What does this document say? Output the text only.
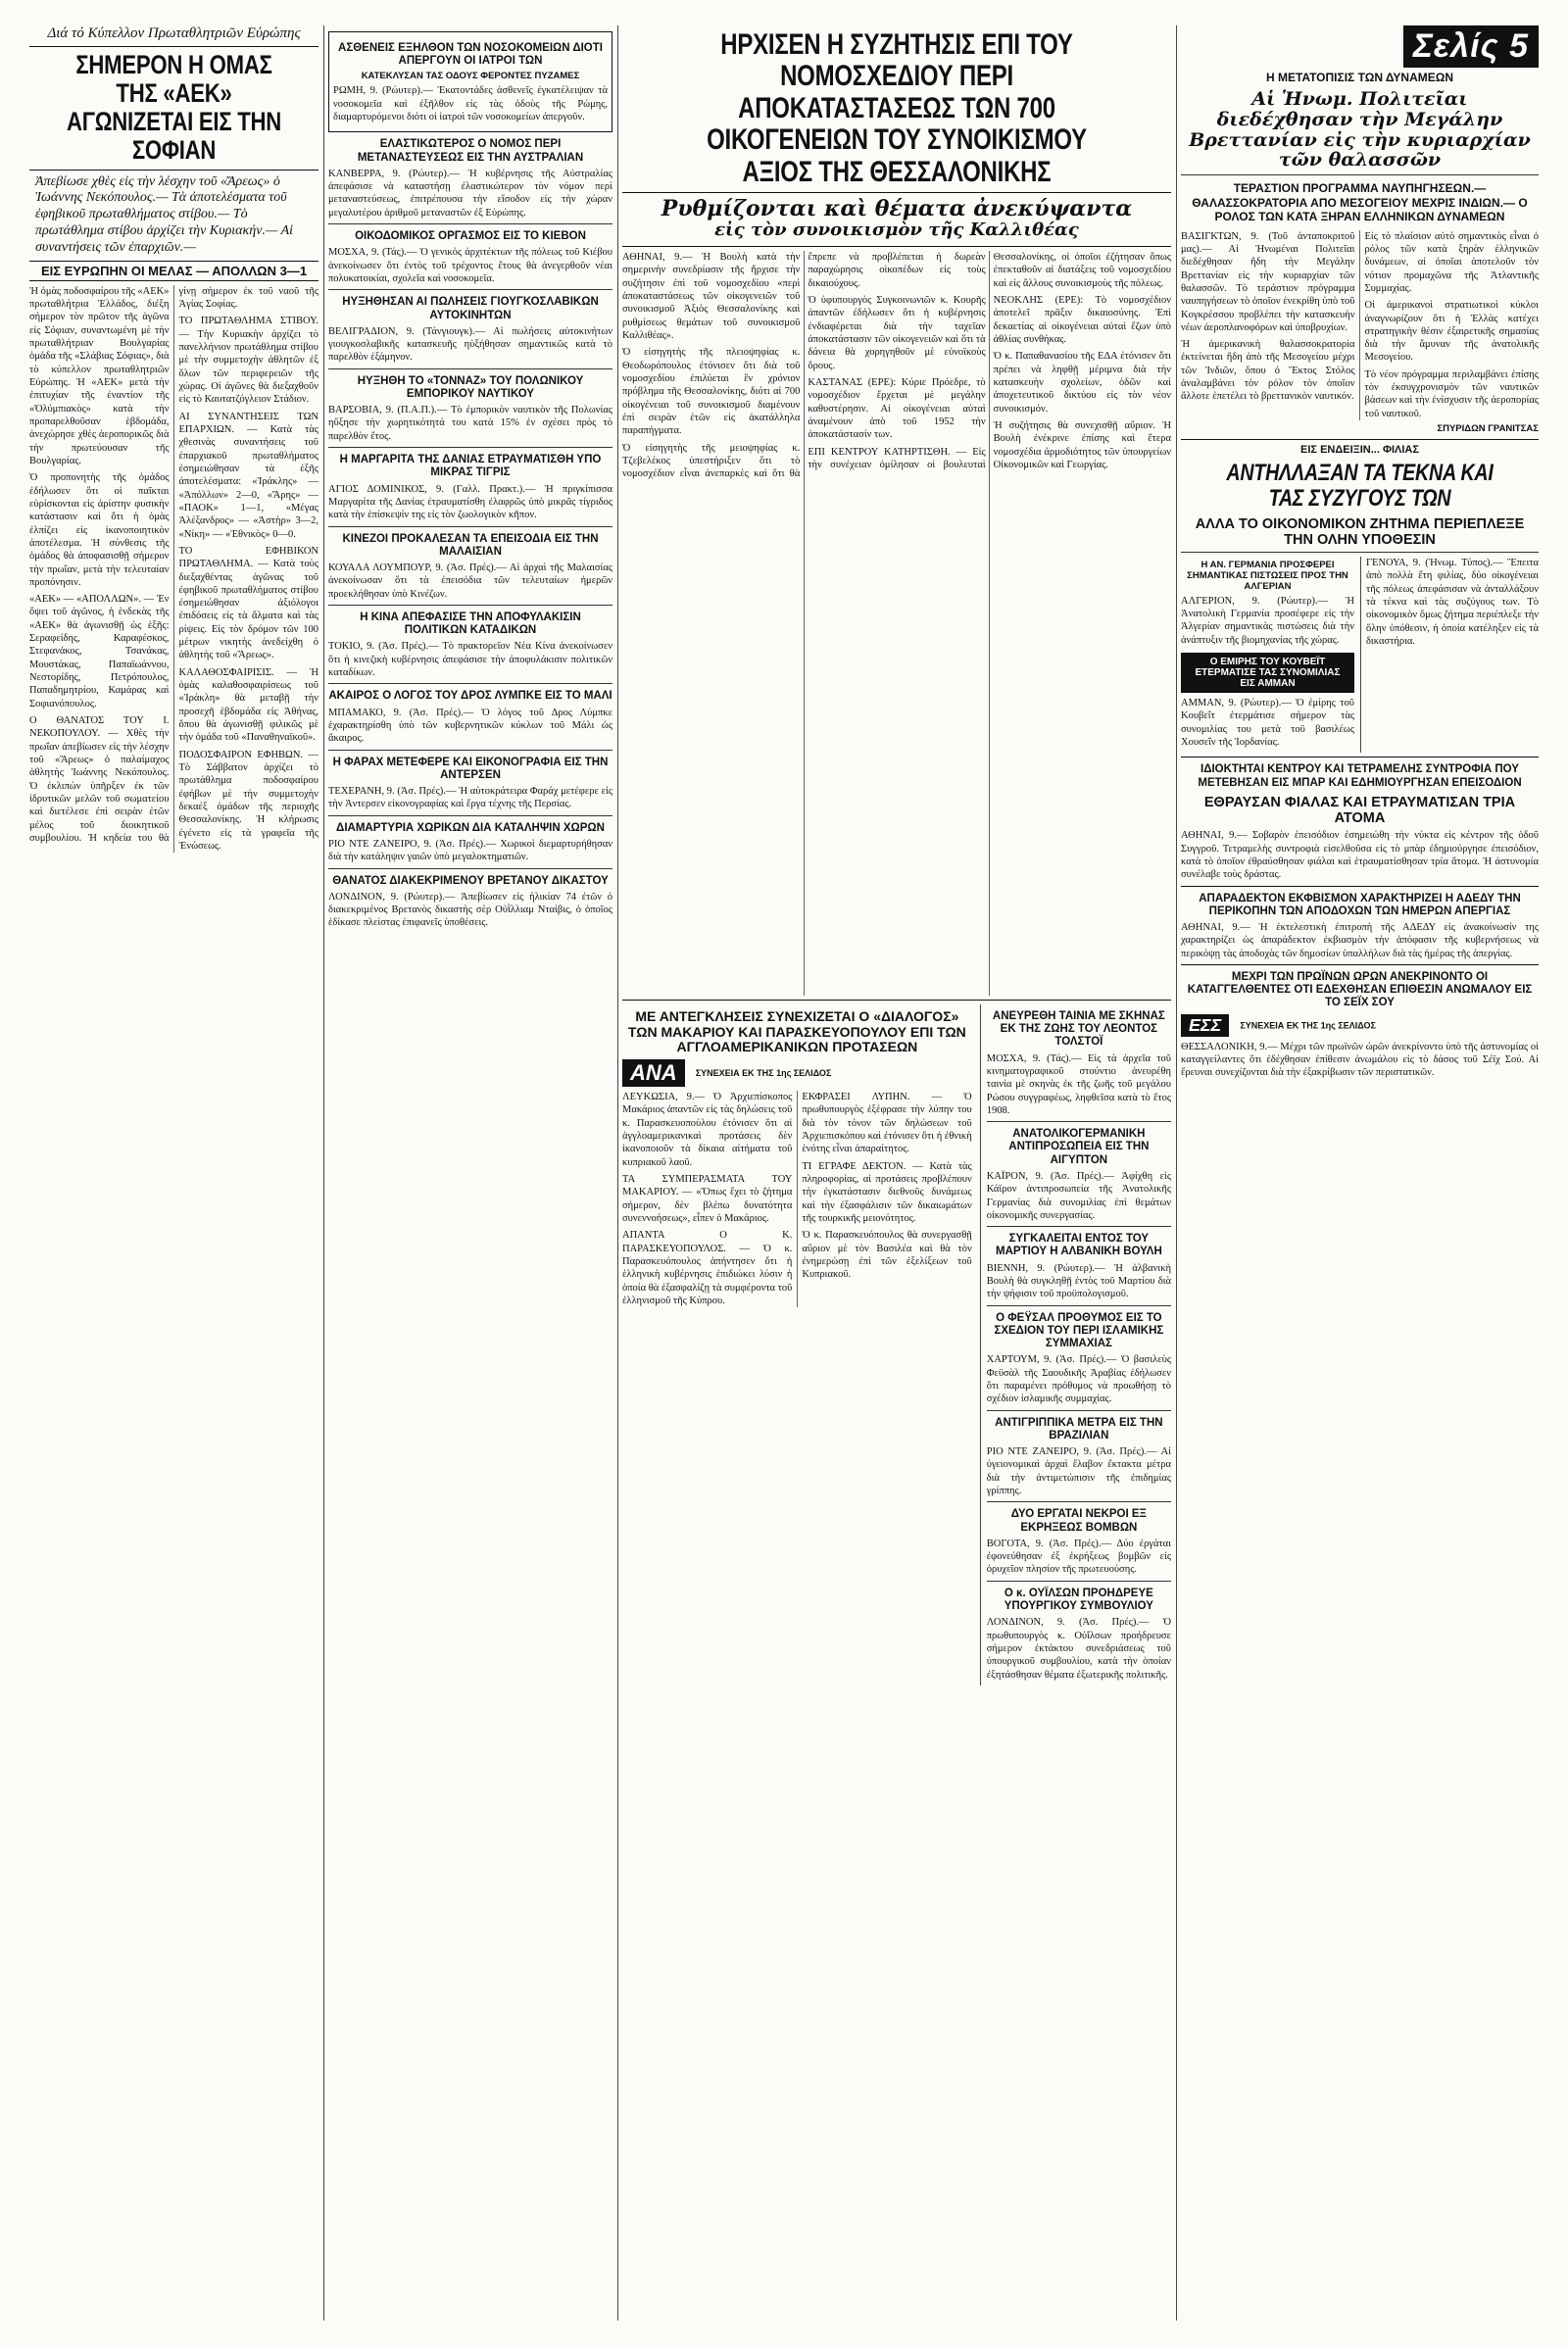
Διά τό Κύπελλον Πρωταθλητριῶν Εὐρώπης
ΣΗΜΕΡΟΝ Η ΟΜΑΣ ΤΗΣ «ΑΕΚ» ΑΓΩΝΙΖΕΤΑΙ ΕΙΣ ΤΗΝ ΣΟΦΙΑΝ
Ἀπεβίωσε χθὲς εἰς τὴν λέσχην τοῦ «Ἄρεως» ὁ Ἰωάννης Νεκόπουλος.— Τὰ ἀποτελέσματα τοῦ ἐφηβικοῦ πρωταθλήματος στίβου.— Τὸ πρωτάθλημα στίβου ἀρχίζει τὴν Κυριακήν.— Αἱ συναντήσεις τῶν ἐπαρχιῶν.—
ΕΙΣ ΕΥΡΩΠΗΝ ΟΙ ΜΕΛΑΣ — ΑΠΟΛΛΩΝ 3—1

Ἡ ὁμὰς ποδοσφαίρου τῆς «ΑΕΚ» πρωταθλήτρια Ἑλλάδος, διέξη σήμερον τὸν πρῶτον τῆς ἀγῶνα εἰς Σόφιαν, συναντωμένη μὲ τὴν πρωταθλήτριαν Βουλγαρίας ὁμάδα τῆς «Σλάβιας Σόφιας», διὰ τὸ κύπελλον πρωταθλητριῶν Εὐρώπης. Ἡ «ΑΕΚ» μετὰ τὴν ἐπιτυχίαν τῆς ἐναντίον τῆς «Ὀλύμπιακὸς» κατὰ τὴν προπαρελθοῦσαν ἑβδομάδα, ἀνεχώρησε χθὲς ἀεροπορικῶς διὰ τὴν πρωτεύουσαν τῆς Βουλγαρίας.

Ὁ προπονητὴς τῆς ὁμάδος ἐδήλωσεν ὅτι οἱ παῖκται εὑρίσκονται εἰς ἀρίστην φυσικὴν κατάστασιν καὶ ὅτι ἡ ὁμὰς ἐλπίζει εἰς ἱκανοποιητικὸν ἀποτέλεσμα. Ἡ σύνθεσις τῆς ὁμάδος θὰ ἀποφασισθῇ σήμερον τὴν πρωΐαν, μετὰ τὴν τελευταίαν προπόνησιν.

«ΑΕΚ» — «ΑΠΟΛΛΩΝ». — Ἐν ὄψει τοῦ ἀγῶνος, ἡ ἑνδεκὰς τῆς «ΑΕΚ» θὰ ἀγωνισθῇ ὡς ἑξῆς: Σεραφείδης, Καραφέσκος, Στεφανάκος, Τσανάκας, Μουστάκας, Παπαϊωάννου, Νεστορίδης, Πετρόπουλος, Παπαδημητρίου, Καμάρας καὶ Σοφιανόπουλος.

Ο ΘΑΝΑΤΟΣ ΤΟΥ Ι. ΝΕΚΟΠΟΥΛΟΥ. — Χθὲς τὴν πρωΐαν ἀπεβίωσεν εἰς τὴν λέσχην τοῦ «Ἄρεως» ὁ παλαίμαχος ἀθλητὴς Ἰωάννης Νεκόπουλος. Ὁ ἐκλιπὼν ὑπῆρξεν ἐκ τῶν ἱδρυτικῶν μελῶν τοῦ σωματείου καὶ διετέλεσε ἐπὶ σειρὰν ἐτῶν μέλος τοῦ διοικητικοῦ συμβουλίου. Ἡ κηδεία του θὰ γίνῃ σήμερον ἐκ τοῦ ναοῦ τῆς Ἁγίας Σοφίας.

ΤΟ ΠΡΩΤΑΘΛΗΜΑ ΣΤΙΒΟΥ. — Τὴν Κυριακὴν ἀρχίζει τὸ πανελλήνιον πρωτάθλημα στίβου μὲ τὴν συμμετοχὴν ἀθλητῶν ἐξ ὅλων τῶν περιφερειῶν τῆς χώρας. Οἱ ἀγῶνες θὰ διεξαχθοῦν εἰς τὸ Καυτατζόγλειον Στάδιον.

ΑΙ ΣΥΝΑΝΤΗΣΕΙΣ ΤΩΝ ΕΠΑΡΧΙΩΝ. — Κατὰ τὰς χθεσινὰς συναντήσεις τοῦ ἐπαρχιακοῦ πρωταθλήματος ἐσημειώθησαν τὰ ἑξῆς ἀποτελέσματα: «Ἰράκλης» — «Ἀπόλλων» 2—0, «Ἄρης» — «ΠΑΟΚ» 1—1, «Μέγας Ἀλέξανδρος» — «Ἀστὴρ» 3—2, «Νίκη» — «Ἐθνικὸς» 0—0.

ΤΟ ΕΦΗΒΙΚΟΝ ΠΡΩΤΑΘΛΗΜΑ. — Κατὰ τοὺς διεξαχθέντας ἀγῶνας τοῦ ἐφηβικοῦ πρωταθλήματος στίβου ἐσημειώθησαν ἀξιόλογοι ἐπιδόσεις εἰς τὰ ἅλματα καὶ τὰς ρίψεις. Εἰς τὸν δρόμον τῶν 100 μέτρων νικητὴς ἀνεδείχθη ὁ ἀθλητὴς τοῦ «Ἄρεως».

ΚΑΛΑΘΟΣΦΑΙΡΙΣΙΣ. — Ἡ ὁμὰς καλαθοσφαιρίσεως τοῦ «Ἰράκλη» θὰ μεταβῇ τὴν προσεχῆ ἑβδομάδα εἰς Ἀθήνας, ὅπου θὰ ἀγωνισθῇ φιλικῶς μὲ τὴν ὁμάδα τοῦ «Παναθηναϊκοῦ».

ΠΟΔΟΣΦΑΙΡΟΝ ΕΦΗΒΩΝ. — Τὸ Σάββατον ἀρχίζει τὸ πρωτάθλημα ποδοσφαίρου ἐφήβων μὲ τὴν συμμετοχὴν δεκαέξ ὁμάδων τῆς περιοχῆς Θεσσαλονίκης. Ἡ κλήρωσις ἐγένετο εἰς τὰ γραφεῖα τῆς Ἑνώσεως.

ΑΣΘΕΝΕΙΣ ΕΞΗΛΘΟΝ ΤΩΝ ΝΟΣΟΚΟΜΕΙΩΝ ΔΙΟΤΙ ΑΠΕΡΓΟΥΝ ΟΙ ΙΑΤΡΟΙ ΤΩΝ
ΚΑΤΕΚΛΥΣΑΝ ΤΑΣ ΟΔΟΥΣ ΦΕΡΟΝΤΕΣ ΠΥΖΑΜΕΣ

ΡΩΜΗ, 9. (Ρώυτερ).— Ἐκατοντάδες ἀσθενεῖς ἐγκατέλειψαν τὰ νοσοκομεῖα καὶ ἐξῆλθον εἰς τὰς ὁδοὺς τῆς Ρώμης, διαμαρτυρόμενοι διότι οἱ ἰατροὶ τῶν νοσοκομείων ἀπεργοῦν.

ΕΛΑΣΤΙΚΩΤΕΡΟΣ Ο ΝΟΜΟΣ ΠΕΡΙ ΜΕΤΑΝΑΣΤΕΥΣΕΩΣ ΕΙΣ ΤΗΝ ΑΥΣΤΡΑΛΙΑΝ

ΚΑΝΒΕΡΡΑ, 9. (Ρώυτερ).— Ἡ κυβέρνησις τῆς Αὐστραλίας ἀπεφάσισε νὰ καταστήσῃ ἐλαστικώτερον τὸν νόμον περὶ μεταναστεύσεως, ἐπιτρέπουσα τὴν εἴσοδον εἰς τὴν χώραν μεγαλυτέρου ἀριθμοῦ μεταναστῶν ἐξ Εὐρώπης.

ΟΙΚΟΔΟΜΙΚΟΣ ΟΡΓΑΣΜΟΣ ΕΙΣ ΤΟ ΚΙΕΒΟΝ

ΜΟΣΧΑ, 9. (Τάς).— Ὁ γενικὸς ἀρχιτέκτων τῆς πόλεως τοῦ Κιέβου ἀνεκοίνωσεν ὅτι ἐντὸς τοῦ τρέχοντος ἔτους θὰ ἀνεγερθοῦν νέαι πολυκατοικίαι, σχολεῖα καὶ νοσοκομεῖα.

ΗΥΞΗΘΗΣΑΝ ΑΙ ΠΩΛΗΣΕΙΣ ΓΙΟΥΓΚΟΣΛΑΒΙΚΩΝ ΑΥΤΟΚΙΝΗΤΩΝ

ΒΕΛΙΓΡΑΔΙΟΝ, 9. (Τάνγιουγκ).— Αἱ πωλήσεις αὐτοκινήτων γιουγκοσλαβικῆς κατασκευῆς ηὐξήθησαν σημαντικῶς κατὰ τὸ παρελθὸν ἑξάμηνον.

ΗΥΞΗΘΗ ΤΟ «ΤΟΝΝΑΖ» ΤΟΥ ΠΟΛΩΝΙΚΟΥ ΕΜΠΟΡΙΚΟΥ ΝΑΥΤΙΚΟΥ

ΒΑΡΣΟΒΙΑ, 9. (Π.Α.Π.).— Τὸ ἐμπορικὸν ναυτικὸν τῆς Πολωνίας ηὔξησε τὴν χωρητικότητά του κατὰ 15% ἐν σχέσει πρὸς τὸ παρελθὸν ἔτος.

Η ΜΑΡΓΑΡΙΤΑ ΤΗΣ ΔΑΝΙΑΣ ΕΤΡΑΥΜΑΤΙΣΘΗ ΥΠΟ ΜΙΚΡΑΣ ΤΙΓΡΙΣ

ΑΓΙΟΣ ΔΟΜΙΝΙΚΟΣ, 9. (Γαλλ. Πρακτ.).— Ἡ πριγκίπισσα Μαργαρίτα τῆς Δανίας ἐτραυματίσθη ἐλαφρῶς ὑπὸ μικρᾶς τίγριδος κατὰ τὴν ἐπίσκεψίν της εἰς τὸν ζωολογικὸν κῆπον.

ΚΙΝΕΖΟΙ ΠΡΟΚΑΛΕΣΑΝ ΤΑ ΕΠΕΙΣΟΔΙΑ ΕΙΣ ΤΗΝ ΜΑΛΑΙΣΙΑΝ

ΚΟΥΑΛΑ ΛΟΥΜΠΟΥΡ, 9. (Ἀσ. Πρές).— Αἱ ἀρχαὶ τῆς Μαλαισίας ἀνεκοίνωσαν ὅτι τὰ ἐπεισόδια τῶν τελευταίων ἡμερῶν προεκλήθησαν ὑπὸ Κινέζων.

Η ΚΙΝΑ ΑΠΕΦΑΣΙΣΕ ΤΗΝ ΑΠΟΦΥΛΑΚΙΣΙΝ ΠΟΛΙΤΙΚΩΝ ΚΑΤΑΔΙΚΩΝ

ΤΟΚΙΟ, 9. (Ἀσ. Πρές).— Τὸ πρακτορεῖον Νέα Κίνα ἀνεκοίνωσεν ὅτι ἡ κινεζικὴ κυβέρνησις ἀπεφάσισε τὴν ἀποφυλάκισιν πολιτικῶν καταδίκων.

ΑΚΑΙΡΟΣ Ο ΛΟΓΟΣ ΤΟΥ ΔΡΟΣ ΛΥΜΠΚΕ ΕΙΣ ΤΟ ΜΑΛΙ

ΜΠΑΜΑΚΟ, 9. (Ἀσ. Πρές).— Ὁ λόγος τοῦ Δρος Λύμπκε ἐχαρακτηρίσθη ὑπὸ τῶν κυβερνητικῶν κύκλων τοῦ Μάλι ὡς ἄκαιρος.

Η ΦΑΡΑΧ ΜΕΤΕΦΕΡΕ ΚΑΙ ΕΙΚΟΝΟΓΡΑΦΙΑ ΕΙΣ ΤΗΝ ΑΝΤΕΡΣΕΝ

ΤΕΧΕΡΑΝΗ, 9. (Ἀσ. Πρές).— Ἡ αὐτοκράτειρα Φαράχ μετέφερε εἰς τὴν Ἀντερσεν εἰκονογραφίας καὶ ἔργα τέχνης τῆς Περσίας.

ΔΙΑΜΑΡΤΥΡΙΑ ΧΩΡΙΚΩΝ ΔΙΑ ΚΑΤΑΛΗΨΙΝ ΧΩΡΩΝ

ΡΙΟ ΝΤΕ ΖΑΝΕΙΡΟ, 9. (Ἀσ. Πρές).— Χωρικοὶ διεμαρτυρήθησαν διὰ τὴν κατάληψιν γαιῶν ὑπὸ μεγαλοκτηματιῶν.

ΘΑΝΑΤΟΣ ΔΙΑΚΕΚΡΙΜΕΝΟΥ ΒΡΕΤΑΝΟΥ ΔΙΚΑΣΤΟΥ

ΛΟΝΔΙΝΟΝ, 9. (Ρώυτερ).— Ἀπεβίωσεν εἰς ἡλικίαν 74 ἐτῶν ὁ διακεκριμένος Βρετανὸς δικαστὴς σὲρ Οὐῒλλιαμ Νταίβις, ὁ ὁποῖος ἐδίκασε πλείστας ἐπιφανεῖς ὑποθέσεις.

ΗΡΧΙΣΕΝ Η ΣΥΖΗΤΗΣΙΣ ΕΠΙ ΤΟΥ ΝΟΜΟΣΧΕΔΙΟΥ ΠΕΡΙ ΑΠΟΚΑΤΑΣΤΑΣΕΩΣ ΤΩΝ 700 ΟΙΚΟΓΕΝΕΙΩΝ ΤΟΥ ΣΥΝΟΙΚΙΣΜΟΥ ΑΞΙΟΣ ΤΗΣ ΘΕΣΣΑΛΟΝΙΚΗΣ
Ρυθμίζονται καὶ θέματα ἀνεκύψαντα
εἰς τὸν συνοικισμὸν τῆς Καλλιθέας

ΑΘΗΝΑΙ, 9.— Ἡ Βουλὴ κατὰ τὴν σημερινήν συνεδρίασιν τῆς ἤρχισε τὴν συζήτησιν ἐπὶ τοῦ νομοσχεδίου «περὶ ἀποκαταστάσεως τῶν οἰκογενειῶν τοῦ συνοικισμοῦ Ἀξιὸς Θεσσαλονίκης καὶ ρυθμίσεως θεμάτων τοῦ συνοικισμοῦ Καλλιθέας».

Ὁ εἰσηγητὴς τῆς πλειοψηφίας κ. Θεοδωρόπουλος ἐτόνισεν ὅτι διὰ τοῦ νομοσχεδίου ἐπιλύεται ἓν χρόνιον πρόβλημα τῆς Θεσσαλονίκης, διότι αἱ 700 οἰκογένειαι τοῦ συνοικισμοῦ διαμένουν ἐπὶ σειρὰν ἐτῶν εἰς ἀκατάλληλα παραπήγματα.

Ὁ εἰσηγητὴς τῆς μειοψηφίας κ. Τζεβελέκος ὑπεστήριξεν ὅτι τὸ νομοσχέδιον εἶναι ἀνεπαρκὲς καὶ ὅτι θὰ ἔπρεπε νὰ προβλέπεται ἡ δωρεὰν παραχώρησις οἰκοπέδων εἰς τοὺς δικαιούχους.

Ὁ ὑφυπουργὸς Συγκοινωνιῶν κ. Κουρῆς ἀπαντῶν ἐδήλωσεν ὅτι ἡ κυβέρνησις ἐνδιαφέρεται διὰ τὴν ταχεῖαν ἀποκατάστασιν τῶν οἰκογενειῶν καὶ ὅτι τὰ δάνεια θὰ χορηγηθοῦν μὲ εὐνοϊκοὺς ὅρους.

ΚΑΣΤΑΝΑΣ (ΕΡΕ): Κύριε Πρόεδρε, τὸ νομοσχέδιον ἔρχεται μὲ μεγάλην καθυστέρησιν. Αἱ οἰκογένειαι αὐταὶ ἀναμένουν ἀπὸ τοῦ 1952 τὴν ἀποκατάστασίν των.

ΕΠΙ ΚΕΝΤΡΟΥ ΚΑΤΗΡΤΙΣΘΗ. — Εἰς τὴν συνέχειαν ὁμίλησαν οἱ βουλευταὶ Θεσσαλονίκης, οἱ ὁποῖοι ἐζήτησαν ὅπως ἐπεκταθοῦν αἱ διατάξεις τοῦ νομοσχεδίου καὶ εἰς ἄλλους συνοικισμοὺς τῆς πόλεως.

ΝΕΟΚΛΗΣ (ΕΡΕ): Τὸ νομοσχέδιον ἀποτελεῖ πρᾶξιν δικαιοσύνης. Ἐπὶ δεκαετίας αἱ οἰκογένειαι αὐταὶ ἔζων ὑπὸ ἀθλίας συνθήκας.

Ὁ κ. Παπαθανασίου τῆς ΕΔΑ ἐτόνισεν ὅτι πρέπει νὰ ληφθῇ μέριμνα διὰ τὴν κατασκευὴν σχολείων, ὁδῶν καὶ ἀποχετευτικοῦ δικτύου εἰς τὸν νέον συνοικισμόν.

Ἡ συζήτησις θὰ συνεχισθῇ αὔριον. Ἡ Βουλὴ ἐνέκρινε ἐπίσης καὶ ἕτερα νομοσχέδια ἀρμοδιότητος τῶν ὑπουργείων Οἰκονομικῶν καὶ Γεωργίας.

ΜΕ ΑΝΤΕΓΚΛΗΣΕΙΣ ΣΥΝΕΧΙΖΕΤΑΙ Ο «ΔΙΑΛΟΓΟΣ» ΤΩΝ ΜΑΚΑΡΙΟΥ ΚΑΙ ΠΑΡΑΣΚΕΥΟΠΟΥΛΟΥ ΕΠΙ ΤΩΝ ΑΓΓΛΟΑΜΕΡΙΚΑΝΙΚΩΝ ΠΡΟΤΑΣΕΩΝ
ΑΝΑ ΣΥΝΕΧΕΙΑ ΕΚ ΤΗΣ 1ης ΣΕΛΙΔΟΣ

ΛΕΥΚΩΣΙΑ, 9.— Ὁ Ἀρχιεπίσκοπος Μακάριος ἀπαντῶν εἰς τὰς δηλώσεις τοῦ κ. Παρασκευοπούλου ἐτόνισεν ὅτι αἱ ἀγγλοαμερικανικαὶ προτάσεις δὲν ἱκανοποιοῦν τὰ δίκαια αἰτήματα τοῦ κυπριακοῦ λαοῦ.

ΤΑ ΣΥΜΠΕΡΑΣΜΑΤΑ ΤΟΥ ΜΑΚΑΡΙΟΥ. — «Ὅπως ἔχει τὸ ζήτημα σήμερον, δὲν βλέπω δυνατότητα συνεννοήσεως», εἶπεν ὁ Μακάριος.

ΑΠΑΝΤΑ Ο Κ. ΠΑΡΑΣΚΕΥΟΠΟΥΛΟΣ. — Ὁ κ. Παρασκευόπουλος ἀπήντησεν ὅτι ἡ ἑλληνικὴ κυβέρνησις ἐπιδιώκει λύσιν ἡ ὁποία θὰ ἐξασφαλίζῃ τὰ συμφέροντα τοῦ ἑλληνισμοῦ τῆς Κύπρου.

ΕΚΦΡΑΣΕΙ ΛΥΠΗΝ. — Ὁ πρωθυπουργὸς ἐξέφρασε τὴν λύπην του διὰ τὸν τόνον τῶν δηλώσεων τοῦ Ἀρχιεπισκόπου καὶ ἐτόνισεν ὅτι ἡ ἐθνικὴ ἑνότης εἶναι ἀπαραίτητος.

ΤΙ ΕΓΡΑΦΕ ΔΕΚΤΟΝ. — Κατὰ τὰς πληροφορίας, αἱ προτάσεις προβλέπουν τὴν ἐγκατάστασιν διεθνοῦς δυνάμεως καὶ τὴν ἐξασφάλισιν τῶν δικαιωμάτων τῆς τουρκικῆς μειονότητος.

Ὁ κ. Παρασκευόπουλος θὰ συνεργασθῇ αὔριον μὲ τὸν Βασιλέα καὶ θὰ τὸν ἐνημερώσῃ ἐπὶ τῶν ἐξελίξεων τοῦ Κυπριακοῦ.

ΑΝΕΥΡΕΘΗ ΤΑΙΝΙΑ ΜΕ ΣΚΗΝΑΣ ΕΚ ΤΗΣ ΖΩΗΣ ΤΟΥ ΛΕΟΝΤΟΣ ΤΟΛΣΤΟΪ

ΜΟΣΧΑ, 9. (Τάς).— Εἰς τὰ ἀρχεῖα τοῦ κινηματογραφικοῦ στούντιο ἀνευρέθη ταινία μὲ σκηνὰς ἐκ τῆς ζωῆς τοῦ μεγάλου Ρώσου συγγραφέως, ληφθεῖσα κατὰ τὸ ἔτος 1908.

ΑΝΑΤΟΛΙΚΟΓΕΡΜΑΝΙΚΗ ΑΝΤΙΠΡΟΣΩΠΕΙΑ ΕΙΣ ΤΗΝ ΑΙΓΥΠΤΟΝ

ΚΑΪΡΟΝ, 9. (Ἀσ. Πρές).— Ἀφίχθη εἰς Κάϊρον ἀντιπροσωπεία τῆς Ἀνατολικῆς Γερμανίας διὰ συνομιλίας ἐπὶ θεμάτων οἰκονομικῆς συνεργασίας.

ΣΥΓΚΑΛΕΙΤΑΙ ΕΝΤΟΣ ΤΟΥ ΜΑΡΤΙΟΥ Η ΑΛΒΑΝΙΚΗ ΒΟΥΛΗ

ΒΙΕΝΝΗ, 9. (Ρώυτερ).— Ἡ ἀλβανικὴ Βουλὴ θὰ συγκληθῇ ἐντὸς τοῦ Μαρτίου διὰ τὴν ψήφισιν τοῦ προϋπολογισμοῦ.

Ο ΦΕΫΣΑΛ ΠΡΟΘΥΜΟΣ ΕΙΣ ΤΟ ΣΧΕΔΙΟΝ ΤΟΥ ΠΕΡΙ ΙΣΛΑΜΙΚΗΣ ΣΥΜΜΑΧΙΑΣ

ΧΑΡΤΟΥΜ, 9. (Ἀσ. Πρές).— Ὁ βασιλεὺς Φεϋσὰλ τῆς Σαουδικῆς Ἀραβίας ἐδήλωσεν ὅτι παραμένει πρόθυμος νὰ προωθήσῃ τὸ σχέδιον ἰσλαμικῆς συμμαχίας.

ΑΝΤΙΓΡΙΠΠΙΚΑ ΜΕΤΡΑ ΕΙΣ ΤΗΝ ΒΡΑΖΙΛΙΑΝ

ΡΙΟ ΝΤΕ ΖΑΝΕΙΡΟ, 9. (Ἀσ. Πρές).— Αἱ ὑγειονομικαὶ ἀρχαὶ ἔλαβον ἔκτακτα μέτρα διὰ τὴν ἀντιμετώπισιν τῆς ἐπιδημίας γρίππης.

ΔΥΟ ΕΡΓΑΤΑΙ ΝΕΚΡΟΙ ΕΞ ΕΚΡΗΞΕΩΣ ΒΟΜΒΩΝ

ΒΟΓΟΤΑ, 9. (Ἀσ. Πρές).— Δύο ἐργάται ἐφονεύθησαν ἐξ ἐκρήξεως βομβῶν εἰς ὀρυχεῖον πλησίον τῆς πρωτευούσης.

Ο κ. ΟΥΪΛΣΩΝ ΠΡΟΗΔΡΕΥΕ ΥΠΟΥΡΓΙΚΟΥ ΣΥΜΒΟΥΛΙΟΥ

ΛΟΝΔΙΝΟΝ, 9. (Ἀσ. Πρές).— Ὁ πρωθυπουργὸς κ. Οὐΐλσων προήδρευσε σήμερον ἐκτάκτου συνεδριάσεως τοῦ ὑπουργικοῦ συμβουλίου, κατὰ τὴν ὁποίαν ἐξητάσθησαν θέματα ἐξωτερικῆς πολιτικῆς.

Σελίς 5
Η ΜΕΤΑΤΟΠΙΣΙΣ ΤΩΝ ΔΥΝΑΜΕΩΝ
Αἱ Ἡνωμ. Πολιτεῖαι διεδέχθησαν τὴν Μεγάλην Βρεττανίαν εἰς τὴν κυριαρχίαν τῶν θαλασσῶν
ΤΕΡΑΣΤΙΟΝ ΠΡΟΓΡΑΜΜΑ ΝΑΥΠΗΓΗΣΕΩΝ.— ΘΑΛΑΣΣΟΚΡΑΤΟΡΙΑ ΑΠΟ ΜΕΣΟΓΕΙΟΥ ΜΕΧΡΙΣ ΙΝΔΙΩΝ.— Ο ΡΟΛΟΣ ΤΩΝ ΚΑΤΑ ΞΗΡΑΝ ΕΛΛΗΝΙΚΩΝ ΔΥΝΑΜΕΩΝ

ΒΑΣΙΓΚΤΩΝ, 9. (Τοῦ ἀνταποκριτοῦ μας).— Αἱ Ἡνωμέναι Πολιτεῖαι διεδέχθησαν ἤδη τὴν Μεγάλην Βρεττανίαν εἰς τὴν κυριαρχίαν τῶν θαλασσῶν. Τὸ τεράστιον πρόγραμμα ναυπηγήσεων τὸ ὁποῖον ἐνεκρίθη ὑπὸ τοῦ Κογκρέσσου προβλέπει τὴν κατασκευὴν νέων ἀεροπλανοφόρων καὶ ὑποβρυχίων.

Ἡ ἀμερικανικὴ θαλασσοκρατορία ἐκτείνεται ἤδη ἀπὸ τῆς Μεσογείου μέχρι τῶν Ἰνδιῶν, ὅπου ὁ Ἕκτος Στόλος ἀναλαμβάνει τὸν ρόλον τὸν ὁποῖον ἄλλοτε ἐπετέλει τὸ βρεττανικὸν ναυτικόν.

Εἰς τὸ πλαίσιον αὐτὸ σημαντικὸς εἶναι ὁ ρόλος τῶν κατὰ ξηρὰν ἑλληνικῶν δυνάμεων, αἱ ὁποῖαι ἀποτελοῦν τὸν νότιον προμαχῶνα τῆς Ἀτλαντικῆς Συμμαχίας.

Οἱ ἀμερικανοὶ στρατιωτικοὶ κύκλοι ἀναγνωρίζουν ὅτι ἡ Ἑλλὰς κατέχει στρατηγικὴν θέσιν ἐξαιρετικῆς σημασίας διὰ τὴν ἄμυναν τῆς ἀνατολικῆς Μεσογείου.

Τὸ νέον πρόγραμμα περιλαμβάνει ἐπίσης τὸν ἐκσυγχρονισμὸν τῶν ναυτικῶν βάσεων καὶ τὴν ἐνίσχυσιν τῆς ἀεροπορίας τοῦ ναυτικοῦ.

ΣΠΥΡΙΔΩΝ ΓΡΑΝΙΤΣΑΣ
ΕΙΣ ΕΝΔΕΙΞΙΝ... ΦΙΛΙΑΣ
ΑΝΤΗΛΛΑΞΑΝ ΤΑ ΤΕΚΝΑ ΚΑΙ ΤΑΣ ΣΥΖΥΓΟΥΣ ΤΩΝ
ΑΛΛΑ ΤΟ ΟΙΚΟΝΟΜΙΚΟΝ ΖΗΤΗΜΑ ΠΕΡΙΕΠΛΕΞΕ ΤΗΝ ΟΛΗΝ ΥΠΟΘΕΣΙΝ
Η ΑΝ. ΓΕΡΜΑΝΙΑ ΠΡΟΣΦΕΡΕΙ ΣΗΜΑΝΤΙΚΑΣ ΠΙΣΤΩΣΕΙΣ ΠΡΟΣ ΤΗΝ ΑΛΓΕΡΙΑΝ

ΑΛΓΕΡΙΟΝ, 9. (Ρώυτερ).— Ἡ Ἀνατολικὴ Γερμανία προσέφερε εἰς τὴν Ἀλγερίαν σημαντικὰς πιστώσεις διὰ τὴν ἀνάπτυξιν τῆς βιομηχανίας τῆς χώρας.

Ο ΕΜΙΡΗΣ ΤΟΥ ΚΟΥΒΕΪΤ ΕΤΕΡΜΑΤΙΣΕ ΤΑΣ ΣΥΝΟΜΙΛΙΑΣ ΕΙΣ ΑΜΜΑΝ

ΑΜΜΑΝ, 9. (Ρώυτερ).— Ὁ ἐμίρης τοῦ Κουβεΐτ ἐτερμάτισε σήμερον τὰς συνομιλίας του μετὰ τοῦ βασιλέως Χουσεΐν τῆς Ἰορδανίας.

ΓΕΝΟΥΑ, 9. (Ἡνωμ. Τύπος).— Ἔπειτα ἀπὸ πολλὰ ἔτη φιλίας, δύο οἰκογένειαι τῆς πόλεως ἀπεφάσισαν νὰ ἀνταλλάξουν τὰ τέκνα καὶ τὰς συζύγους των. Τὸ οἰκονομικὸν ὅμως ζήτημα περιέπλεξε τὴν ὅλην ὑπόθεσιν, ἡ ὁποία κατέληξεν εἰς τὰ δικαστήρια.

ΙΔΙΟΚΤΗΤΑΙ ΚΕΝΤΡΟΥ ΚΑΙ ΤΕΤΡΑΜΕΛΗΣ ΣΥΝΤΡΟΦΙΑ ΠΟΥ ΜΕΤΕΒΗΣΑΝ ΕΙΣ ΜΠΑΡ ΚΑΙ ΕΔΗΜΙΟΥΡΓΗΣΑΝ ΕΠΕΙΣΟΔΙΟΝ
ΕΘΡΑΥΣΑΝ ΦΙΑΛΑΣ ΚΑΙ ΕΤΡΑΥΜΑΤΙΣΑΝ ΤΡΙΑ ΑΤΟΜΑ

ΑΘΗΝΑΙ, 9.— Σοβαρὸν ἐπεισόδιον ἐσημειώθη τὴν νύκτα εἰς κέντρον τῆς ὁδοῦ Συγγροῦ. Τετραμελὴς συντροφιὰ εἰσελθοῦσα εἰς τὸ μπὰρ ἐδημιούργησε ἐπεισόδιον, κατὰ τὸ ὁποῖον ἐθραύσθησαν φιάλαι καὶ ἐτραυματίσθησαν τρία ἄτομα. Ἡ ἀστυνομία συνέλαβε τοὺς δράστας.

ΑΠΑΡΑΔΕΚΤΟΝ ΕΚΦΒΙΣΜΟΝ ΧΑΡΑΚΤΗΡΙΖΕΙ Η ΑΔΕΔΥ ΤΗΝ ΠΕΡΙΚΟΠΗΝ ΤΩΝ ΑΠΟΔΟΧΩΝ ΤΩΝ ΗΜΕΡΩΝ ΑΠΕΡΓΙΑΣ

ΑΘΗΝΑΙ, 9.— Ἡ ἐκτελεστικὴ ἐπιτροπὴ τῆς ΑΔΕΔΥ εἰς ἀνακοίνωσίν της χαρακτηρίζει ὡς ἀπαράδεκτον ἐκβιασμὸν τὴν ἀπόφασιν τῆς κυβερνήσεως νὰ περικόψῃ τὰς ἀποδοχὰς τῶν δημοσίων ὑπαλλήλων διὰ τὰς ἡμέρας τῆς ἀπεργίας.

ΜΕΧΡΙ ΤΩΝ ΠΡΩΪΝΩΝ ΩΡΩΝ ΑΝΕΚΡΙΝΟΝΤΟ ΟΙ ΚΑΤΑΓΓΕΛΘΕΝΤΕΣ ΟΤΙ ΕΔΕΧΘΗΣΑΝ ΕΠΙΘΕΣΙΝ ΑΝΩΜΑΛΟΥ ΕΙΣ ΤΟ ΣΕΪΧ ΣΟΥ
ΕΣΣ ΣΥΝΕΧΕΙΑ ΕΚ ΤΗΣ 1ης ΣΕΛΙΔΟΣ

ΘΕΣΣΑΛΟΝΙΚΗ, 9.— Μέχρι τῶν πρωϊνῶν ὡρῶν ἀνεκρίνοντο ὑπὸ τῆς ἀστυνομίας οἱ καταγγείλαντες ὅτι ἐδέχθησαν ἐπίθεσιν ἀνωμάλου εἰς τὸ δάσος τοῦ Σέϊχ Σού. Αἱ ἔρευναι συνεχίζονται διὰ τὴν ἐξακρίβωσιν τῶν περιστατικῶν.
